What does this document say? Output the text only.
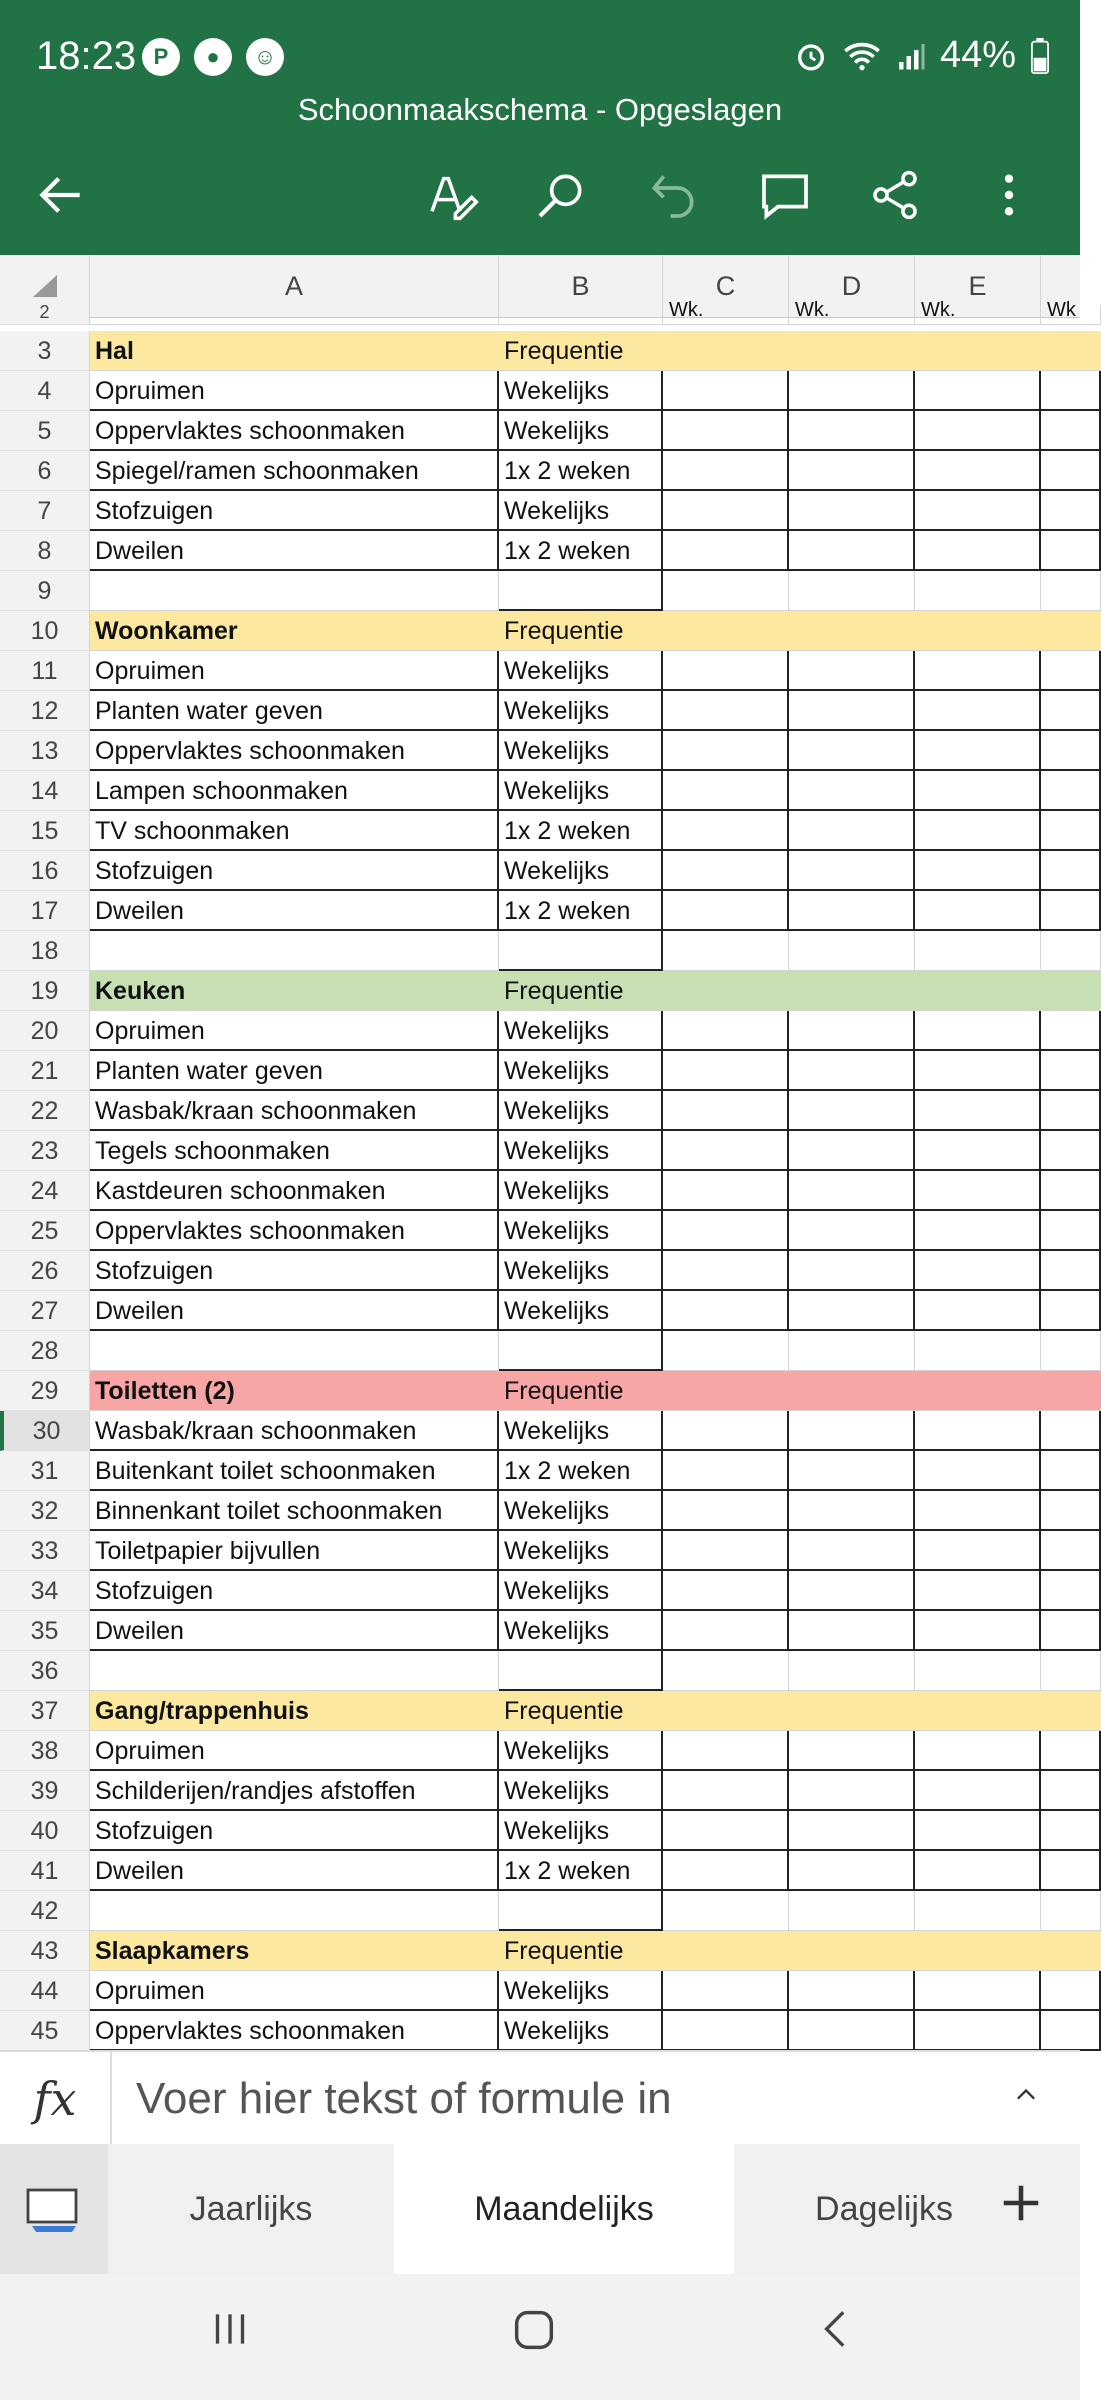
18:23 P	●	☺	44%
Schoonmaakschema - Opgeslagen
A	B	C	D	E
2	Wk.	Wk.	Wk.	Wk
3	Hal	Frequentie
4	Opruimen	Wekelijks
5	Oppervlaktes schoonmaken	Wekelijks
6	Spiegel/ramen schoonmaken	1x 2 weken
7	Stofzuigen	Wekelijks
8	Dweilen	1x 2 weken
9
10	Woonkamer	Frequentie
11	Opruimen	Wekelijks
12	Planten water geven	Wekelijks
13	Oppervlaktes schoonmaken	Wekelijks
14	Lampen schoonmaken	Wekelijks
15	TV schoonmaken	1x 2 weken
16	Stofzuigen	Wekelijks
17	Dweilen	1x 2 weken
18
19	Keuken	Frequentie
20	Opruimen	Wekelijks
21	Planten water geven	Wekelijks
22	Wasbak/kraan schoonmaken	Wekelijks
23	Tegels schoonmaken	Wekelijks
24	Kastdeuren schoonmaken	Wekelijks
25	Oppervlaktes schoonmaken	Wekelijks
26	Stofzuigen	Wekelijks
27	Dweilen	Wekelijks
28
29	Toiletten (2)	Frequentie
30	Wasbak/kraan schoonmaken	Wekelijks
31	Buitenkant toilet schoonmaken	1x 2 weken
32	Binnenkant toilet schoonmaken	Wekelijks
33	Toiletpapier bijvullen	Wekelijks
34	Stofzuigen	Wekelijks
35	Dweilen	Wekelijks
36
37	Gang/trappenhuis	Frequentie
38	Opruimen	Wekelijks
39	Schilderijen/randjes afstoffen	Wekelijks
40	Stofzuigen	Wekelijks
41	Dweilen	1x 2 weken
42
43	Slaapkamers	Frequentie
44	Opruimen	Wekelijks
45	Oppervlaktes schoonmaken	Wekelijks
fx	Voer hier tekst of formule in
Jaarlijks	Maandelijks	Dagelijks
